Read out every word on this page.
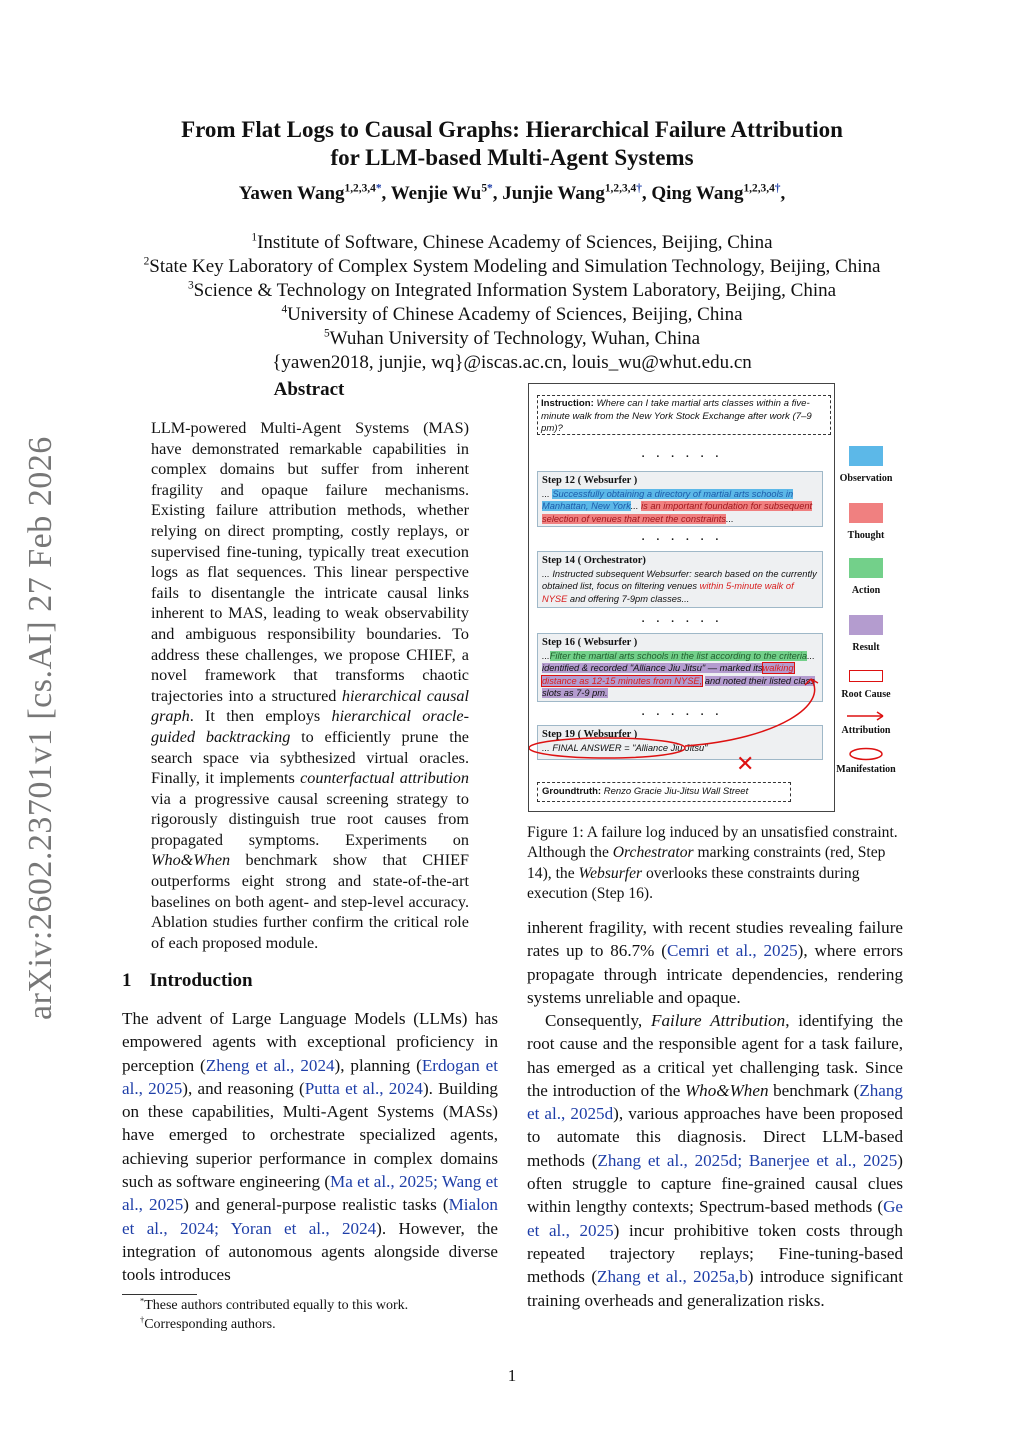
arXiv:2602.23701v1 [cs.AI] 27 Feb 2026
From Flat Logs to Causal Graphs: Hierarchical Failure Attribution
for LLM-based Multi-Agent Systems
Yawen Wang$^{1,2,3,4*}$, Wenjie $Wu^{5*}$, Junjie Wang$^{1,2,3,4\dagger}$, Qing Wang$^{1,2,3,4\dagger}$,
$^1$Institute of Software, Chinese Academy of Sciences, Beijing, China
$^2$State Key Laboratory of Complex System Modeling and Simulation Technology, Beijing, China
$^3$Science & Technology on Integrated Information System Laboratory, Beijing, China
$^4$University of Chinese Academy of Sciences, Beijing, China
$^5$Wuhan University of Technology, Wuhan, China
{yawen2018, junjie, wq}@iscas.ac.cn, louis_wu@whut.edu.cn
Abstract
LLM-powered Multi-Agent Systems (MAS) have demonstrated remarkable capabilities in complex domains but suffer from inherent fragility and opaque failure mechanisms. Existing failure attribution methods, whether relying on direct prompting, costly replays, or supervised fine-tuning, typically treat execution logs as flat sequences. This linear perspective fails to disentangle the intricate causal links inherent to MAS, leading to weak observability and ambiguous responsibility boundaries. To address these challenges, we propose CHIEF, a novel framework that transforms chaotic trajectories into a structured hierarchical causal graph. It then employs hierarchical oracle-guided backtracking to efficiently prune the search space via sybthesized virtual oracles. Finally, it implements counterfactual attribution via a progressive causal screening strategy to rigorously distinguish true root causes from propagated symptoms. Experiments on Who&When benchmark show that CHIEF outperforms eight strong and state-of-the-art baselines on both agent- and step-level accuracy. Ablation studies further confirm the critical role of each proposed module.
1 Introduction
The advent of Large Language Models (LLMs) has empowered agents with exceptional proficiency in perception (Zheng et al., 2024), planning (Erdogan et al., 2025), and reasoning (Putta et al., 2024). Building on these capabilities, Multi-Agent Systems (MASs) have emerged to orchestrate specialized agents, achieving superior performance in complex domains such as software engineering (Ma et al., 2025; Wang et al., 2025) and general-purpose realistic tasks (Mialon et al., 2024; Yoran et al., 2024). However, the integration of autonomous agents alongside diverse tools introduces
*These authors contributed equally to this work.
†Corresponding authors.
Instruction: Where can I take martial arts classes within a five-minute walk from the New York Stock Exchange after work (7–9 pm)?
· · · · · ·
Step 12 ( Websurfer )
... Successfully obtaining a directory of martial arts schools in Manhattan, New York... is an important foundation for subsequent selection of venues that meet the constraints...
· · · · · ·
Step 14 ( Orchestrator)
... Instructed subsequent Websurfer: search based on the currently obtained list, focus on filtering venues within 5-minute walk of NYSE and offering 7-9pm classes...
· · · · · ·
Step 16 ( Websurfer )
...Filter the martial arts schools in the list according to the criteria... identified & recorded "Alliance Jiu Jitsu" — marked itswalking distance as 12-15 minutes from NYSE, and noted their listed class slots as 7-9 pm.
· · · · · ·
Step 19 ( Websurfer )
... FINAL ANSWER = "Alliance Jiu Jitsu"
✕
Groundtruth: Renzo Gracie Jiu-Jitsu Wall Street
Observation
Thought
Action
Result
Root Cause
Attribution
Manifestation
Figure 1: A failure log induced by an unsatisfied constraint. Although the Orchestrator marking constraints (red, Step 14), the Websurfer overlooks these constraints during execution (Step 16).
inherent fragility, with recent studies revealing failure rates up to 86.7% (Cemri et al., 2025), where errors propagate through intricate dependencies, rendering systems unreliable and opaque.
Consequently, Failure Attribution, identifying the root cause and the responsible agent for a task failure, has emerged as a critical yet challenging task. Since the introduction of the Who&When benchmark (Zhang et al., 2025d), various approaches have been proposed to automate this diagnosis. Direct LLM-based methods (Zhang et al., 2025d; Banerjee et al., 2025) often struggle to capture fine-grained causal clues within lengthy contexts; Spectrum-based methods (Ge et al., 2025) incur prohibitive token costs through repeated trajectory replays; Fine-tuning-based methods (Zhang et al., 2025a,b) introduce significant training overheads and generalization risks.
1
